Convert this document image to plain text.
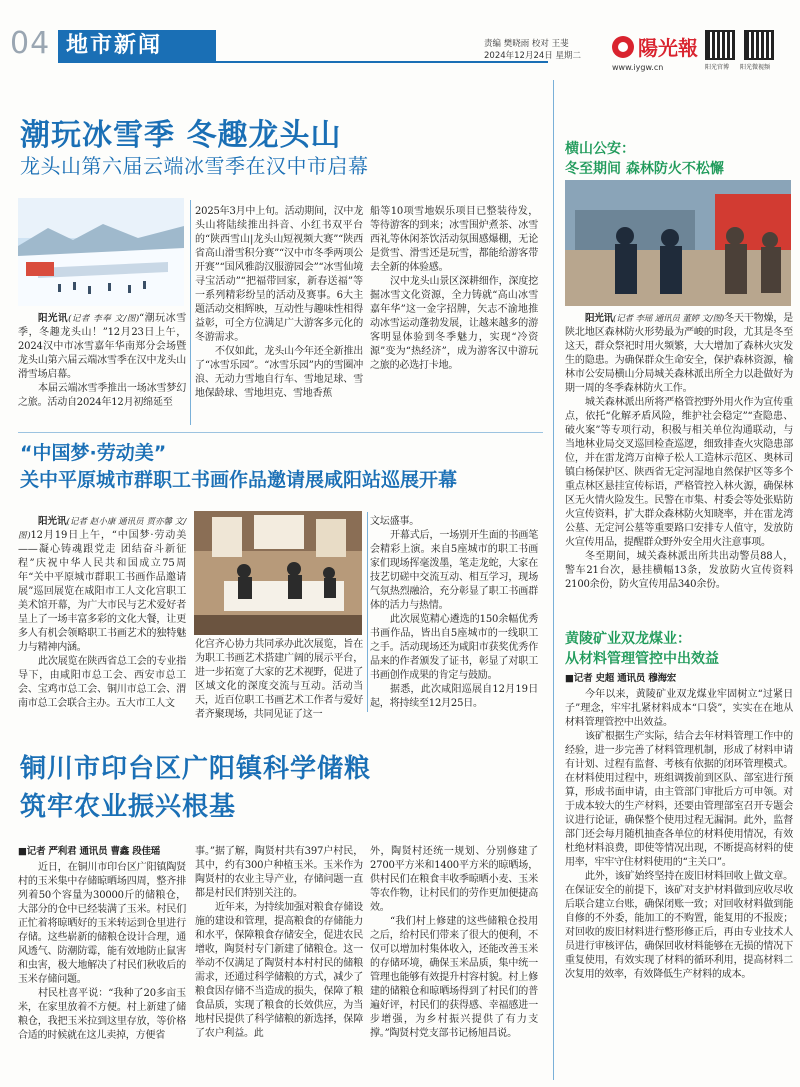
04 地市新闻	责编 樊晓雨 校对 王斐
2024年12月24日 星期二	陽光報
www.iygw.cn	阳光官博 阳光微视频
潮玩冰雪季 冬趣龙头山
龙头山第六届云端冰雪季在汉中市启幕

阳光讯(记者 李奉 文/图)“潮玩冰雪季，冬趣龙头山！”12月23日上午，2024汉中市冰雪嘉年华南郑分会场暨龙头山第六届云端冰雪季在汉中龙头山滑雪场启幕。

本届云端冰雪季推出一场冰雪梦幻之旅。活动自2024年12月初绵延至

2025年3月中上旬。活动期间，汉中龙头山将陆续推出抖音、小红书双平台的“陕西雪山|龙头山短视频大赛”“陕西省高山滑雪积分赛”“汉中市冬季两项公开赛”“国风雅韵汉服游园会”“冰雪仙境寻宝活动”“把福带回家，新春送福”等一系列精彩纷呈的活动及赛事。6大主题活动交相辉映，互动性与趣味性相得益彰，可全方位满足广大游客多元化的冬游需求。

不仅如此，龙头山今年还全新推出了“冰雪乐园”。“冰雪乐园”内的雪圈冲浪、无动力雪地自行车、雪地足球、雪地保龄球、雪地坦克、雪地香蕉

船等10项雪地娱乐项目已整装待发，等待游客的到来；冰雪围炉煮茶、冰雪西礼等休闲茶饮活动氛围感爆棚，无论是赏雪、滑雪还是玩雪，都能给游客带去全新的体验感。

汉中龙头山景区深耕细作，深度挖掘冰雪文化资源，全力铸就“高山冰雪嘉年华”这一金字招牌，矢志不渝地推动冰雪运动蓬勃发展，让越来越多的游客明显体验到冬季魅力，实现“冷资源”变为“热经济”，成为游客汉中游玩之旅的必选打卡地。

“中国梦·劳动美”
关中平原城市群职工书画作品邀请展咸阳站巡展开幕

阳光讯(记者 赵小康 通讯员 贾亦馨 文/图)12月19日上午，“中国梦·劳动美——凝心铸魂跟党走 团结奋斗新征程”庆祝中华人民共和国成立75周年“关中平原城市群职工书画作品邀请展”巡回展览在咸阳市工人文化宫职工美术馆开幕，为广大市民与艺术爱好者呈上了一场丰富多彩的文化大餐，让更多人有机会领略职工书画艺术的独特魅力与精神内涵。

此次展览在陕西省总工会的专业指导下，由咸阳市总工会、西安市总工会、宝鸡市总工会、铜川市总工会、渭南市总工会联合主办。五大市工人文

化宫齐心协力共同承办此次展览，旨在为职工书画艺术搭建广阔的展示平台，进一步拓宽了大家的艺术视野，促进了区域文化的深度交流与互动。活动当天，近百位职工书画艺术工作者与爱好者齐聚现场，共同见证了这一

文坛盛事。

开幕式后，一场别开生面的书画笔会精彩上演。来自5座城市的职工书画家们现场挥毫泼墨，笔走龙蛇，大家在技艺切磋中交流互动、相互学习，现场气氛热烈融洽，充分彰显了职工书画群体的活力与热情。

此次展览精心遴选的150余幅优秀书画作品，皆出自5座城市的一线职工之手。活动现场还为咸阳市获奖优秀作品来的作者颁发了证书，彰显了对职工书画创作成果的肯定与鼓励。

据悉，此次咸阳巡展自12月19日起，将持续至12月25日。

铜川市印台区广阳镇科学储粮
筑牢农业振兴根基

■记者 严利君 通讯员 曹鑫 段佳瑶

近日，在铜川市印台区广阳镇陶贤村的玉米集中存储晾晒场四周，整齐排列着50个容量为30000斤的储粮仓，大部分的仓中已经装满了玉米。村民们正忙着将晾晒好的玉米转运到仓里进行存储。这些崭新的储粮仓设计合理，通风透气、防潮防霉，能有效地防止鼠害和虫害，极大地解决了村民们秋收后的玉米存储问题。

村民杜喜平说：“我种了20多亩玉米，在家里放着不方便。村上新建了储粮仓，我把玉米拉到这里存放，等价格合适的时候就在这儿卖掉，方便省

事。”据了解，陶贤村共有397户村民，其中，约有300户种植玉米。玉米作为陶贤村的农业主导产业，存储问题一直都是村民们特别关注的。

近年来，为持续加强对粮食存储设施的建设和管理，提高粮食的存储能力和水平，保障粮食存储安全，促进农民增收，陶贤村专门新建了储粮仓。这一举动不仅满足了陶贤村本村村民的储粮需求，还通过科学储粮的方式，减少了粮食因存储不当造成的损失，保障了粮食品质，实现了粮食的长效供应，为当地村民提供了科学储粮的新选择，保障了农户利益。此

外，陶贤村还统一规划、分别修建了2700平方米和1400平方米的晾晒场，供村民们在粮食丰收季晾晒小麦、玉米等农作物，让村民们的劳作更加便捷高效。

“我们村上修建的这些储粮仓投用之后，给村民们带来了很大的便利，不仅可以增加村集体收入，还能改善玉米的存储环境，确保玉米品质，集中统一管理也能够有效提升村容村貌。村上修建的储粮仓和晾晒场得到了村民们的普遍好评，村民们的获得感、幸福感进一步增强，为乡村振兴提供了有力支撑。”陶贤村党支部书记杨旭昌说。

横山公安：
冬至期间 森林防火不松懈

阳光讯(记者 李瑶 通讯员 董婷 文/图)冬天干物燥，是陕北地区森林防火形势最为严峻的时段，尤其是冬至这天，群众祭祀时用火频繁，大大增加了森林火灾发生的隐患。为确保群众生命安全，保护森林资源，榆林市公安局横山分局城关森林派出所全力以赴做好为期一周的冬季森林防火工作。

城关森林派出所将严格管控野外用火作为宣传重点，依托“化解矛盾风险，维护社会稳定”“查隐患、破火案”等专项行动，积极与相关单位沟通联动，与当地林业局交叉巡回检查巡逻，细致排查火灾隐患部位，并在雷龙湾万亩樟子松人工造林示范区、奥林司镇白杨保护区、陕西省无定河湿地自然保护区等多个重点林区悬挂宣传标语，严格管控入林火源，确保林区无火情火险发生。民警在市集、村委会等处张贴防火宣传资料，扩大群众森林防火知晓率，并在雷龙湾公墓、无定河公墓等重要路口安排专人值守，发放防火宣传用品，提醒群众野外安全用火注意事项。

冬至期间，城关森林派出所共出动警员88人，警车21台次，悬挂横幅13条，发放防火宣传资料2100余份，防火宣传用品340余份。

黄陵矿业双龙煤业：
从材料管理管控中出效益

■记者 史超 通讯员 穆海宏

今年以来，黄陵矿业双龙煤业牢固树立“过紧日子”理念，牢牢扎紧材料成本“口袋”，实实在在地从材料管理管控中出效益。

该矿根据生产实际，结合去年材料管理工作中的经验，进一步完善了材料管理机制，形成了材料申请有计划、过程有监督、考核有依据的闭环管理模式。在材料使用过程中，班组调拨前到区队、部室进行预算，形成书面申请，由主管部门审批后方可申领。对于成本较大的生产材料，还要由管理部室召开专题会议进行论证，确保整个使用过程无漏洞。此外，监督部门还会每月随机抽查各单位的材料使用情况，有效杜绝材料浪费，即使等情况出现，不断提高材料的使用率，牢牢守住材料使用的“主关口”。

此外，该矿始终坚持在废旧材料回收上做文章。在保证安全的前提下，该矿对支护材料做到应收尽收后联合建立台账，确保闭账一致；对回收材料做到能自修的不外委，能加工的不购置，能复用的不报废；对回收的废旧材料进行整形修正后，再由专业技术人员进行审核评估，确保回收材料能够在无损的情况下重复使用，有效实现了材料的循环利用，提高材料二次复用的效率，有效降低生产材料的成本。
